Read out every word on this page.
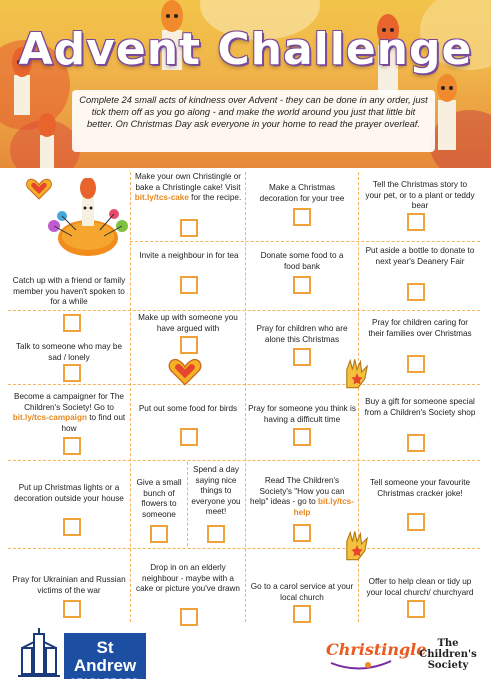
Advent Challenge
Complete 24 small acts of kindness over Advent - they can be done in any order, just tick them off as you go along - and make the world around you just that little bit better. On Christmas Day ask everyone in your home to read the prayer overleaf.
Make your own Christingle or bake a Christingle cake! Visit bit.ly/tcs-cake for the recipe.
Make a Christmas decoration for your tree
Tell the Christmas story to your pet, or to a plant or teddy bear
Invite a neighbour in for tea	Donate some food to a food bank
Put aside a bottle to donate to next year's Deanery Fair
Catch up with a friend or family member you haven't spoken to for a while
Make up with someone you have argued with	Pray for children who are alone this Christmas
Pray for children caring for their families over Christmas
Talk to someone who may be sad / lonely
Become a campaigner for The Children's Society! Go to bit.ly/tcs-campaign to find out how
Put out some food for birds	Pray for someone you think is having a difficult time
Buy a gift for someone special from a Children's Society shop
Put up Christmas lights or a decoration outside your house
Give a small bunch of flowers to someone
Spend a day saying nice things to everyone you meet!
Read The Children's Society's "How you can help" ideas - go to bit.ly/tcs-help
Tell someone your favourite Christmas cracker joke!
Pray for Ukrainian and Russian victims of the war
Drop in on an elderly neighbour - maybe with a cake or picture you've drawn Go to a carol service at your local church
Offer to help clean or tidy up your local church/ churchyard
St Andrew
STAPLEFORD
Christingle	The
Children's
Society
